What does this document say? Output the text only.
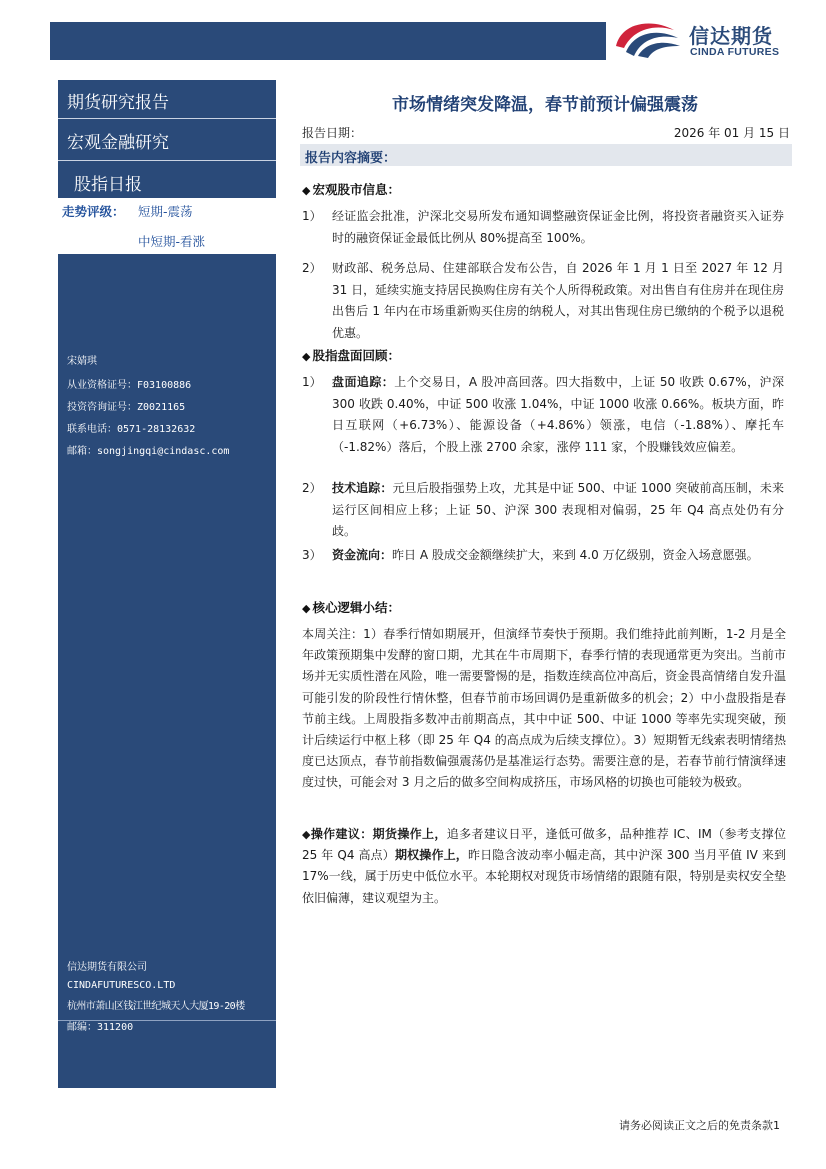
信达期货
CINDA FUTURES
期货研究报告
宏观金融研究
股指日报
走势评级： 短期-震荡
中短期-看涨
宋婧琪
从业资格证号：F03100886
投资咨询证号：Z0021165
联系电话：0571-28132632
邮箱：songjingqi@cindasc.com
信达期货有限公司
CINDAFUTURESCO.LTD
杭州市萧山区钱江世纪城天人大厦19-20楼
邮编：311200
市场情绪突发降温，春节前预计偏强震荡
报告日期：	2026 年 01 月 15 日
报告内容摘要：
◆ 宏观股市信息：
1） 经证监会批准，沪深北交易所发布通知调整融资保证金比例，将投资者融资买入证券时的融资保证金最低比例从 80%提高至 100%。
2） 财政部、税务总局、住建部联合发布公告，自 2026 年 1 月 1 日至 2027 年 12 月 31 日，延续实施支持居民换购住房有关个人所得税政策。对出售自有住房并在现住房出售后 1 年内在市场重新购买住房的纳税人，对其出售现住房已缴纳的个税予以退税优惠。
◆ 股指盘面回顾：
1） 盘面追踪：上个交易日，A 股冲高回落。四大指数中，上证 50 收跌 0.67%，沪深 300 收跌 0.40%，中证 500 收涨 1.04%，中证 1000 收涨 0.66%。板块方面，昨日互联网（+6.73%）、能源设备（+4.86%）领涨，电信（-1.88%）、摩托车（-1.82%）落后，个股上涨 2700 余家，涨停 111 家，个股赚钱效应偏差。
2） 技术追踪：元旦后股指强势上攻，尤其是中证 500、中证 1000 突破前高压制，未来运行区间相应上移；上证 50、沪深 300 表现相对偏弱，25 年 Q4 高点处仍有分歧。
3） 资金流向：昨日 A 股成交金额继续扩大，来到 4.0 万亿级别，资金入场意愿强。
◆ 核心逻辑小结：
本周关注：1）春季行情如期展开，但演绎节奏快于预期。我们维持此前判断，1-2 月是全年政策预期集中发酵的窗口期，尤其在牛市周期下，春季行情的表现通常更为突出。当前市场并无实质性潜在风险，唯一需要警惕的是，指数连续高位冲高后，资金畏高情绪自发升温可能引发的阶段性行情休整，但春节前市场回调仍是重新做多的机会；2）中小盘股指是春节前主线。上周股指多数冲击前期高点，其中中证 500、中证 1000 等率先实现突破，预计后续运行中枢上移（即 25 年 Q4 的高点成为后续支撑位）。3）短期暂无线索表明情绪热度已达顶点，春节前指数偏强震荡仍是基准运行态势。需要注意的是，若春节前行情演绎速度过快，可能会对 3 月之后的做多空间构成挤压，市场风格的切换也可能较为极致。
◆操作建议：期货操作上，追多者建议日平，逢低可做多，品种推荐 IC、IM（参考支撑位 25 年 Q4 高点）期权操作上，昨日隐含波动率小幅走高，其中沪深 300 当月平值 IV 来到 17%一线，属于历史中低位水平。本轮期权对现货市场情绪的跟随有限，特别是卖权安全垫依旧偏薄，建议观望为主。
请务必阅读正文之后的免责条款1
